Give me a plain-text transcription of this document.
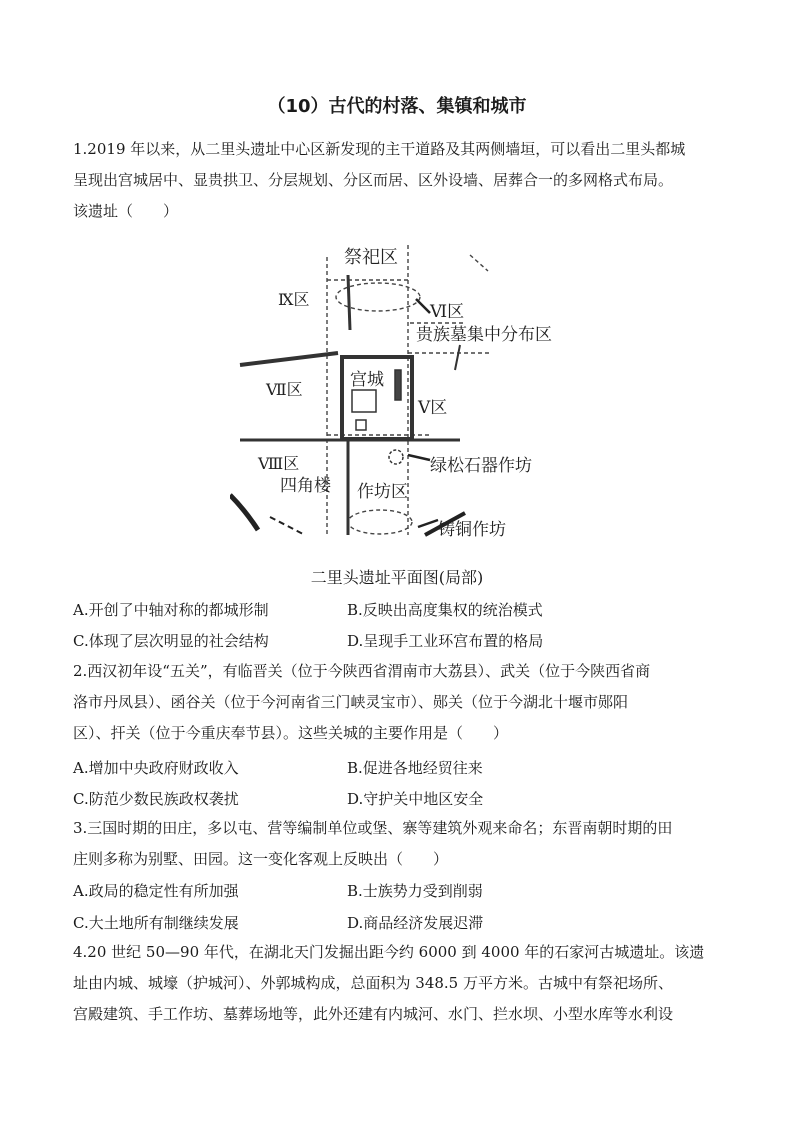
（10）古代的村落、集镇和城市
1.2019 年以来，从二里头遗址中心区新发现的主干道路及其两侧墙垣，可以看出二里头都城
呈现出宫城居中、显贵拱卫、分层规划、分区而居、区外设墙、居葬合一的多网格式布局。
该遗址（　　）
祭祀区
Ⅸ区
Ⅵ区
贵族墓集中分布区
Ⅶ区	宫城
Ⅴ区
绿松石器作坊
Ⅷ区
四角楼 作坊区
铸铜作坊
二里头遗址平面图(局部)
A.开创了中轴对称的都城形制	B.反映出高度集权的统治模式
C.体现了层次明显的社会结构	D.呈现手工业环宫布置的格局
2.西汉初年设“五关”，有临晋关（位于今陕西省渭南市大荔县）、武关（位于今陕西省商
洛市丹凤县）、函谷关（位于今河南省三门峡灵宝市）、郧关（位于今湖北十堰市郧阳
区）、扞关（位于今重庆奉节县）。这些关城的主要作用是（　　）
A.增加中央政府财政收入	B.促进各地经贸往来
C.防范少数民族政权袭扰	D.守护关中地区安全
3.三国时期的田庄，多以屯、营等编制单位或堡、寨等建筑外观来命名；东晋南朝时期的田
庄则多称为别墅、田园。这一变化客观上反映出（　　）
A.政局的稳定性有所加强	B.士族势力受到削弱
C.大土地所有制继续发展	D.商品经济发展迟滞
4.20 世纪 50—90 年代，在湖北天门发掘出距今约 6000 到 4000 年的石家河古城遗址。该遗
址由内城、城壕（护城河）、外郭城构成，总面积为 348.5 万平方米。古城中有祭祀场所、
宫殿建筑、手工作坊、墓葬场地等，此外还建有内城河、水门、拦水坝、小型水库等水利设
